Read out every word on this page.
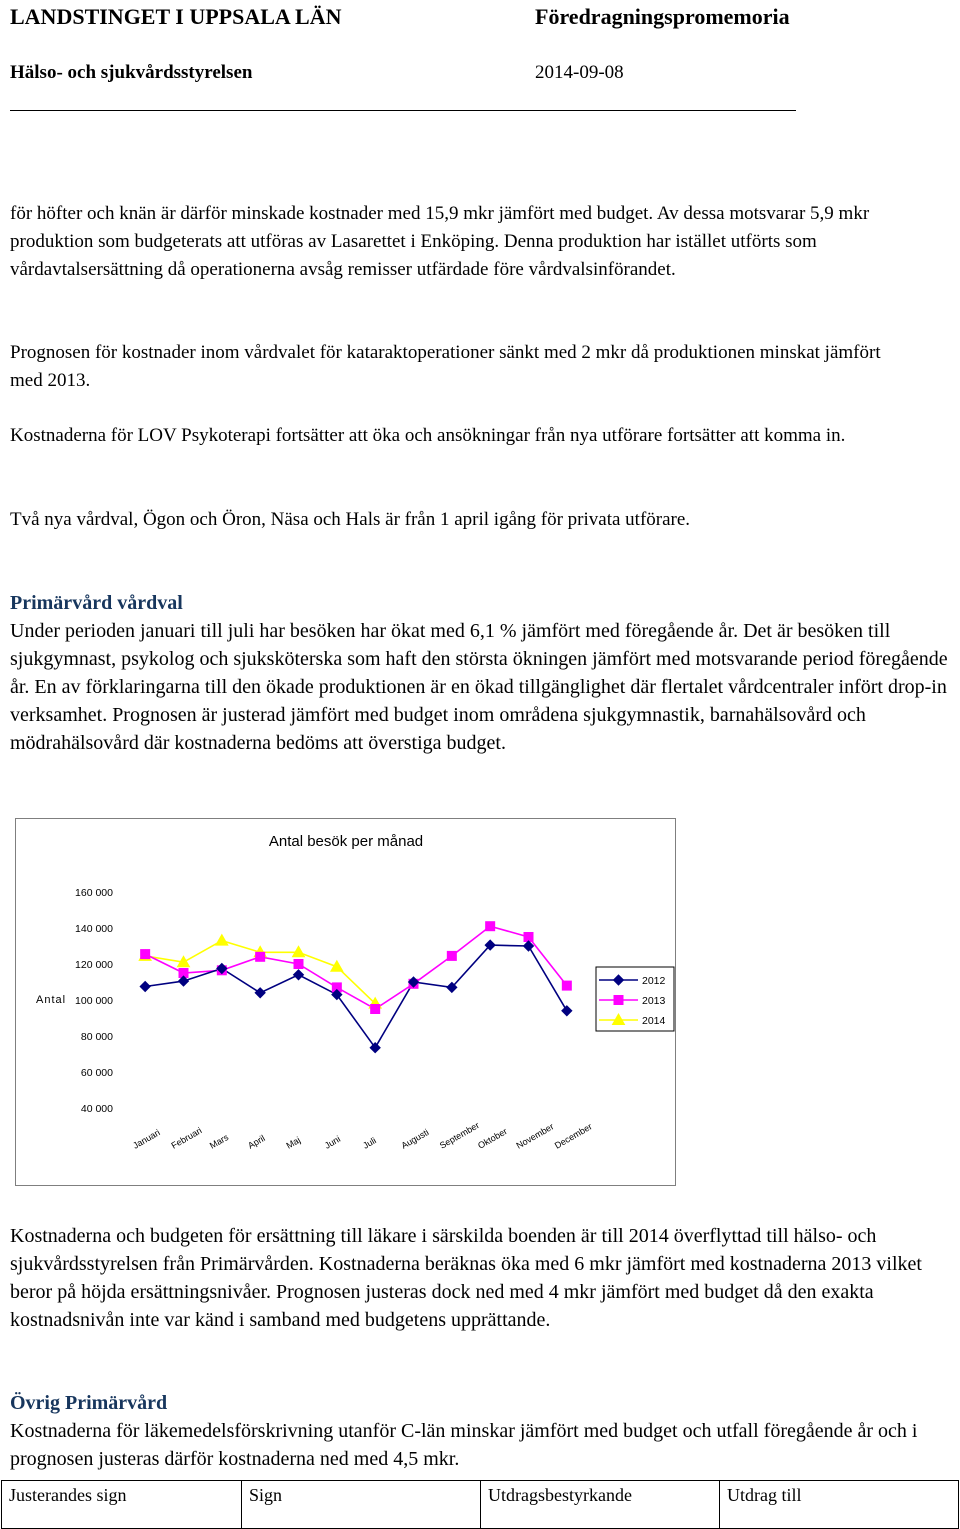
LANDSTINGET I UPPSALA LÄN	Föredragningspromemoria
Hälso- och sjukvårdsstyrelsen	2014-09-08

för höfter och knän är därför minskade kostnader med 15,9 mkr jämfört med budget. Av dessa motsvarar 5,9 mkr produktion som budgeterats att utföras av Lasarettet i Enköping. Denna produktion har istället utförts som vårdavtalsersättning då operationerna avsåg remisser utfärdade före vårdvalsinförandet.

Prognosen för kostnader inom vårdvalet för kataraktoperationer sänkt med 2 mkr då produktionen minskat jämfört med 2013.

Kostnaderna för LOV Psykoterapi fortsätter att öka och ansökningar från nya utförare fortsätter att komma in.

Två nya vårdval, Ögon och Öron, Näsa och Hals är från 1 april igång för privata utförare.

Primärvård vårdval

Under perioden januari till juli har besöken har ökat med 6,1 % jämfört med föregående år. Det är besöken till sjukgymnast, psykolog och sjuksköterska som haft den största ökningen jämfört med motsvarande period föregående år. En av förklaringarna till den ökade produktionen är en ökad tillgänglighet där flertalet vårdcentraler infört drop-in verksamhet. Prognosen är justerad jämfört med budget inom områdena sjukgymnastik, barnahälsovård och mödrahälsovård där kostnaderna bedöms att överstiga budget.

Antal besök per månad
Antal
40 000
60 000
80 000
100 000
120 000
140 000
160 000
Januari Februari Mars April Maj Juni Juli Augusti September
Oktober November
December
2012
2013
2014

Kostnaderna och budgeten för ersättning till läkare i särskilda boenden är till 2014 överflyttad till hälso- och sjukvårdsstyrelsen från Primärvården. Kostnaderna beräknas öka med 6 mkr jämfört med kostnaderna 2013 vilket beror på höjda ersättningsnivåer. Prognosen justeras dock ned med 4 mkr jämfört med budget då den exakta kostnadsnivån inte var känd i samband med budgetens upprättande.

Övrig Primärvård

Kostnaderna för läkemedelsförskrivning utanför C-län minskar jämfört med budget och utfall föregående år och i prognosen justeras därför kostnaderna ned med 4,5 mkr.

Justerandes sign	Sign	Utdragsbestyrkande	Utdrag till
